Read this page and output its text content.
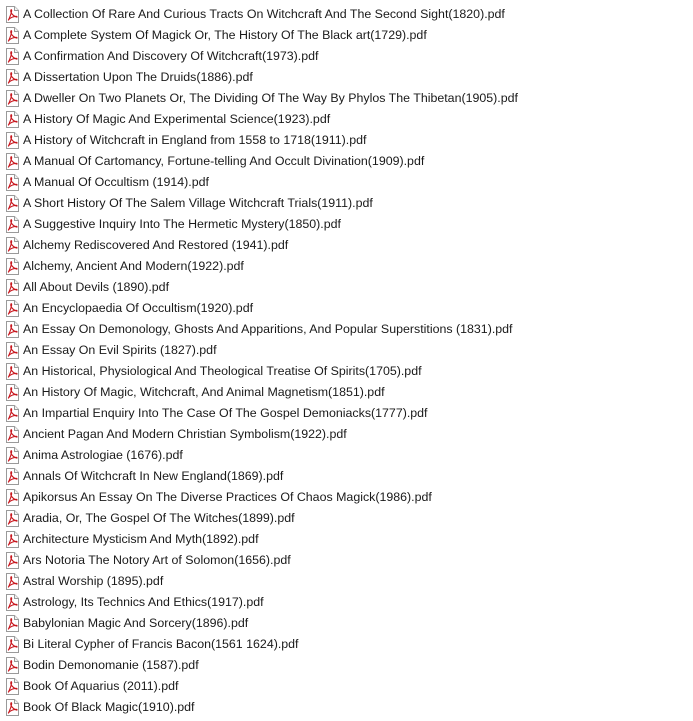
A Collection Of Rare And Curious Tracts On Witchcraft And The Second Sight(1820).pdf
A Complete System Of Magick Or, The History Of The Black art(1729).pdf
A Confirmation And Discovery Of Witchcraft(1973).pdf
A Dissertation Upon The Druids(1886).pdf
A Dweller On Two Planets Or, The Dividing Of The Way By Phylos The Thibetan(1905).pdf
A History Of Magic And Experimental Science(1923).pdf
A History of Witchcraft in England from 1558 to 1718(1911).pdf
A Manual Of Cartomancy, Fortune-telling And Occult Divination(1909).pdf
A Manual Of Occultism (1914).pdf
A Short History Of The Salem Village Witchcraft Trials(1911).pdf
A Suggestive Inquiry Into The Hermetic Mystery(1850).pdf
Alchemy Rediscovered And Restored (1941).pdf
Alchemy, Ancient And Modern(1922).pdf
All About Devils (1890).pdf
An Encyclopaedia Of Occultism(1920).pdf
An Essay On Demonology, Ghosts And Apparitions, And Popular Superstitions (1831).pdf
An Essay On Evil Spirits (1827).pdf
An Historical, Physiological And Theological Treatise Of Spirits(1705).pdf
An History Of Magic, Witchcraft, And Animal Magnetism(1851).pdf
An Impartial Enquiry Into The Case Of The Gospel Demoniacks(1777).pdf
Ancient Pagan And Modern Christian Symbolism(1922).pdf
Anima Astrologiae (1676).pdf
Annals Of Witchcraft In New England(1869).pdf
Apikorsus An Essay On The Diverse Practices Of Chaos Magick(1986).pdf
Aradia, Or, The Gospel Of The Witches(1899).pdf
Architecture Mysticism And Myth(1892).pdf
Ars Notoria The Notory Art of Solomon(1656).pdf
Astral Worship (1895).pdf
Astrology, Its Technics And Ethics(1917).pdf
Babylonian Magic And Sorcery(1896).pdf
Bi Literal Cypher of Francis Bacon(1561 1624).pdf
Bodin Demonomanie (1587).pdf
Book Of Aquarius (2011).pdf
Book Of Black Magic(1910).pdf
